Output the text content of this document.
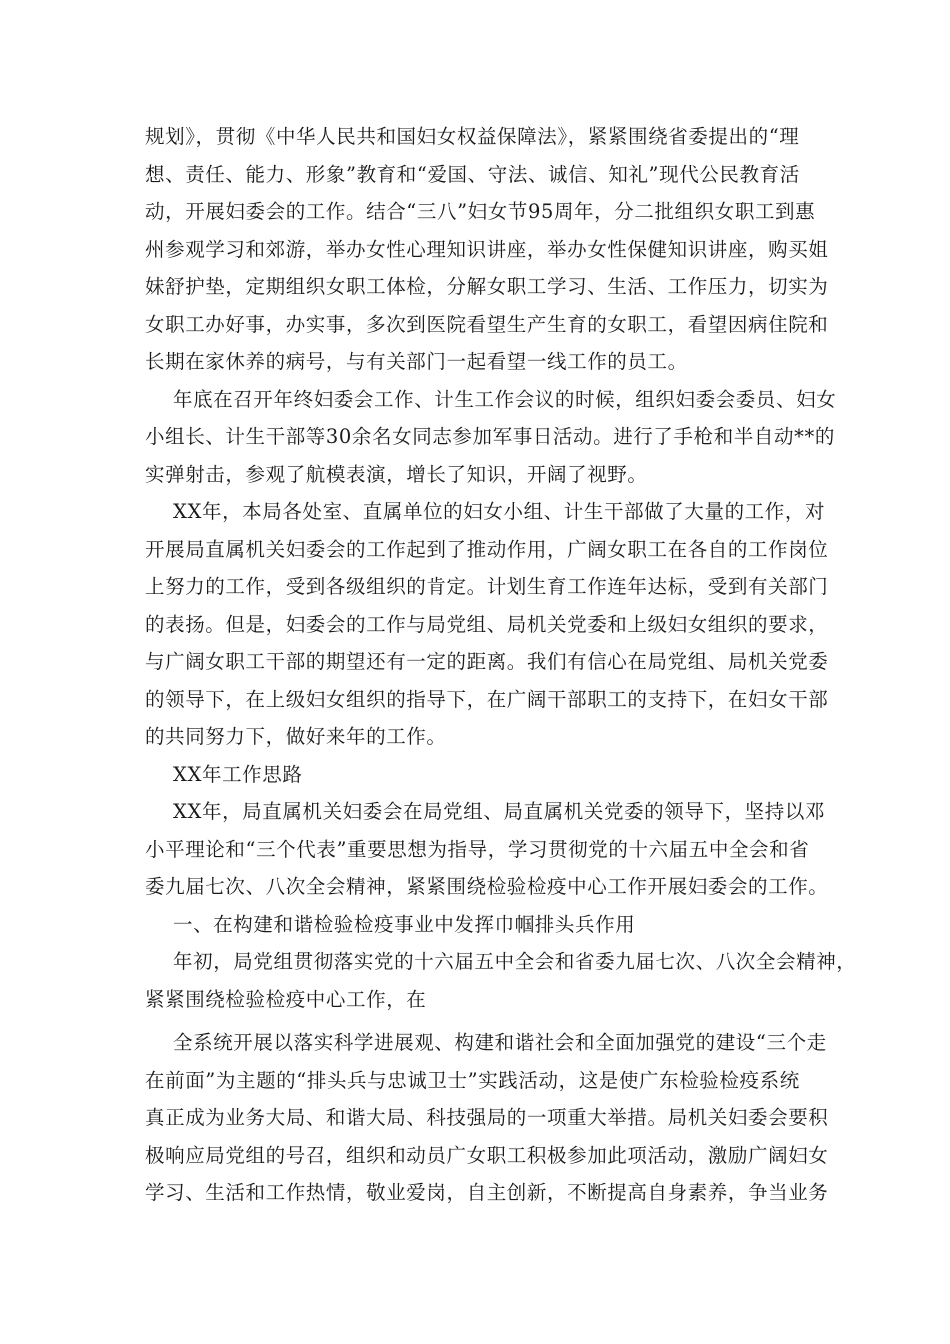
规划》，贯彻《中华人民共和国妇女权益保障法》，紧紧围绕省委提出的“理
想、责任、能力、形象”教育和“爱国、守法、诚信、知礼”现代公民教育活
动，开展妇委会的工作。结合“三八”妇女节95周年，分二批组织女职工到惠
州参观学习和郊游，举办女性心理知识讲座，举办女性保健知识讲座，购买姐
妹舒护垫，定期组织女职工体检，分解女职工学习、生活、工作压力，切实为
女职工办好事，办实事，多次到医院看望生产生育的女职工，看望因病住院和
长期在家休养的病号，与有关部门一起看望一线工作的员工。
年底在召开年终妇委会工作、计生工作会议的时候，组织妇委会委员、妇女
小组长、计生干部等30余名女同志参加军事日活动。进行了手枪和半自动**的
实弹射击，参观了航模表演，增长了知识，开阔了视野。
XX年，本局各处室、直属单位的妇女小组、计生干部做了大量的工作，对
开展局直属机关妇委会的工作起到了推动作用，广阔女职工在各自的工作岗位
上努力的工作，受到各级组织的肯定。计划生育工作连年达标，受到有关部门
的表扬。但是，妇委会的工作与局党组、局机关党委和上级妇女组织的要求，
与广阔女职工干部的期望还有一定的距离。我们有信心在局党组、局机关党委
的领导下，在上级妇女组织的指导下，在广阔干部职工的支持下，在妇女干部
的共同努力下，做好来年的工作。
XX年工作思路
XX年，局直属机关妇委会在局党组、局直属机关党委的领导下，坚持以邓
小平理论和“三个代表”重要思想为指导，学习贯彻党的十六届五中全会和省
委九届七次、八次全会精神，紧紧围绕检验检疫中心工作开展妇委会的工作。
一、在构建和谐检验检疫事业中发挥巾帼排头兵作用
年初，局党组贯彻落实党的十六届五中全会和省委九届七次、八次全会精神，
紧紧围绕检验检疫中心工作，在
全系统开展以落实科学进展观、构建和谐社会和全面加强党的建设“三个走
在前面”为主题的“排头兵与忠诚卫士”实践活动，这是使广东检验检疫系统
真正成为业务大局、和谐大局、科技强局的一项重大举措。局机关妇委会要积
极响应局党组的号召，组织和动员广女职工积极参加此项活动，激励广阔妇女
学习、生活和工作热情，敬业爱岗，自主创新，不断提高自身素养，争当业务
